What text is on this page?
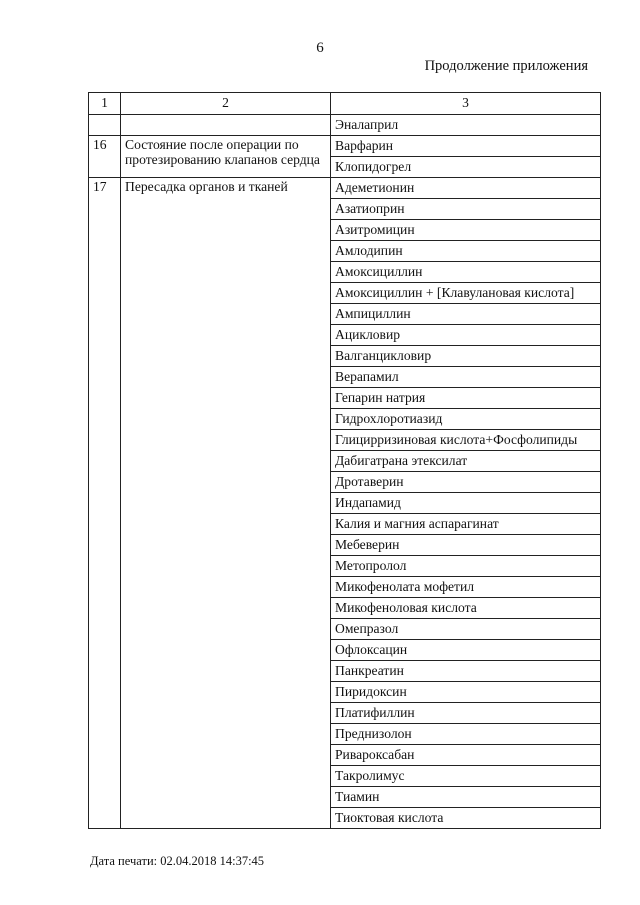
6
Продолжение приложения
1	2	3
		Эналаприл
16	Состояние после операции по протезированию клапанов сердца	Варфарин
		Клопидогрел
17	Пересадка органов и тканей	Адеметионин
		Азатиоприн
		Азитромицин
		Амлодипин
		Амоксициллин
		Амоксициллин + [Клавулановая кислота]
		Ампициллин
		Ацикловир
		Валганцикловир
		Верапамил
		Гепарин натрия
		Гидрохлоротиазид
		Глицирризиновая кислота+Фосфолипиды
		Дабигатрана этексилат
		Дротаверин
		Индапамид
		Калия и магния аспарагинат
		Мебеверин
		Метопролол
		Микофенолата мофетил
		Микофеноловая кислота
		Омепразол
		Офлоксацин
		Панкреатин
		Пиридоксин
		Платифиллин
		Преднизолон
		Ривароксабан
		Такролимус
		Тиамин
		Тиоктовая кислота
Дата печати: 02.04.2018 14:37:45
